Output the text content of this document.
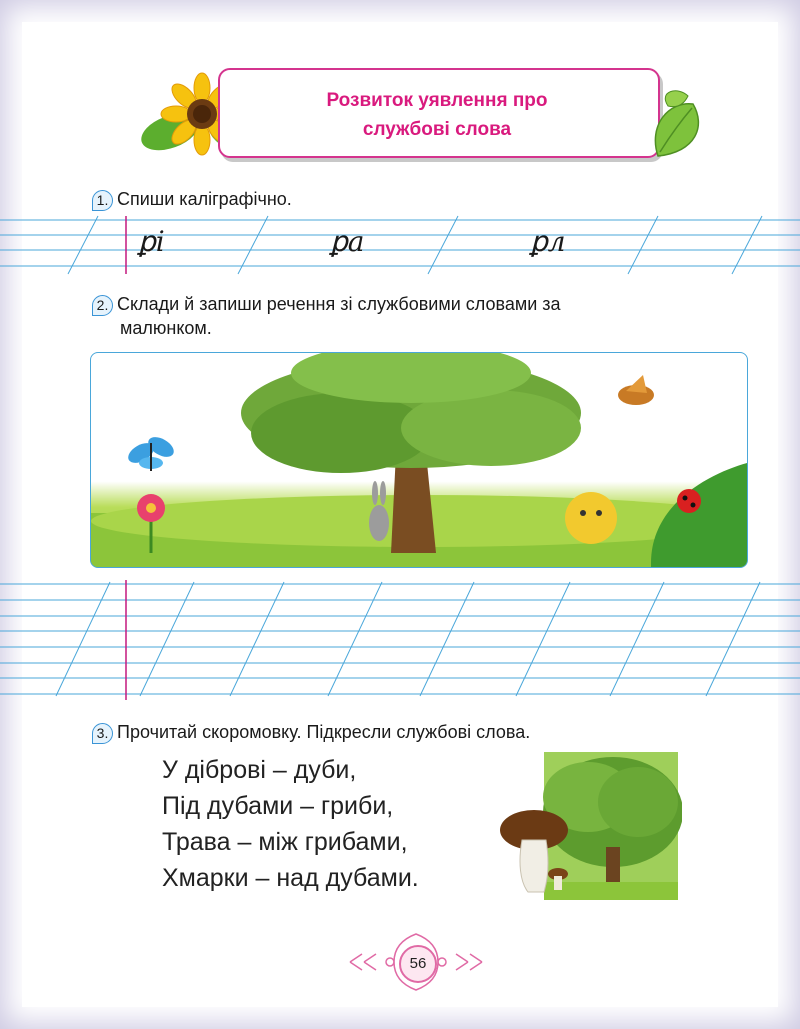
Розвиток уявлення про
службові слова
1. Спиши каліграфічно.
ꝑі	ꝑа	ꝑл
2. Склади й запиши речення зі службовими словами за
малюнком.
3. Прочитай скоромовку. Підкресли службові слова.
У діброві – дуби,
Під дубами – гриби,
Трава – між грибами,
Хмарки – над дубами.
56
